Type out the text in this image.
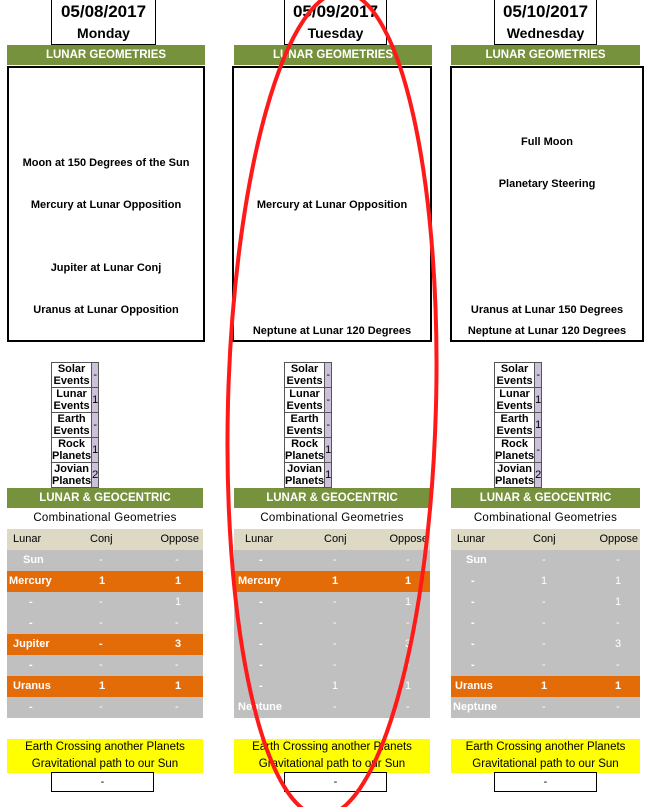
05/08/2017
Monday
LUNAR GEOMETRIES
Moon at 150 Degrees of the Sun
Mercury at Lunar Opposition
Jupiter at Lunar Conj
Uranus at Lunar Opposition
Solar Events	-
Lunar Events	1
Earth Events	-
Rock Planets	1
Jovian Planets	2
LUNAR & GEOCENTRIC
Combinational Geometries
Lunar	Conj	Oppose
Sun	-	-
Mercury	1	1
-	-	1
-	-	-
Jupiter	-	3
-	-	-
Uranus	1	1
-	-	-
Earth Crossing another Planets
Gravitational path to our Sun
-
05/09/2017
Tuesday
LUNAR GEOMETRIES
Mercury at Lunar Opposition
Neptune at Lunar 120 Degrees
Solar Events	-
Lunar Events	-
Earth Events	-
Rock Planets	1
Jovian Planets	1
LUNAR & GEOCENTRIC
Combinational Geometries
Lunar	Conj	Oppose
-	-	-
Mercury	1	1
-	-	1
-	-	-
-	-	3
-	-	-
-	1	1
Neptune	-	-
Earth Crossing another Planets
Gravitational path to our Sun
-
05/10/2017
Wednesday
LUNAR GEOMETRIES
Full Moon
Planetary Steering
Uranus at Lunar 150 Degrees
Neptune at Lunar 120 Degrees
Solar Events	-
Lunar Events	1
Earth Events	1
Rock Planets	-
Jovian Planets	2
LUNAR & GEOCENTRIC
Combinational Geometries
Lunar	Conj	Oppose
Sun	-	-
-	1	1
-	-	1
-	-	-
-	-	3
-	-	-
Uranus	1	1
Neptune	-	-
Earth Crossing another Planets
Gravitational path to our Sun
-
